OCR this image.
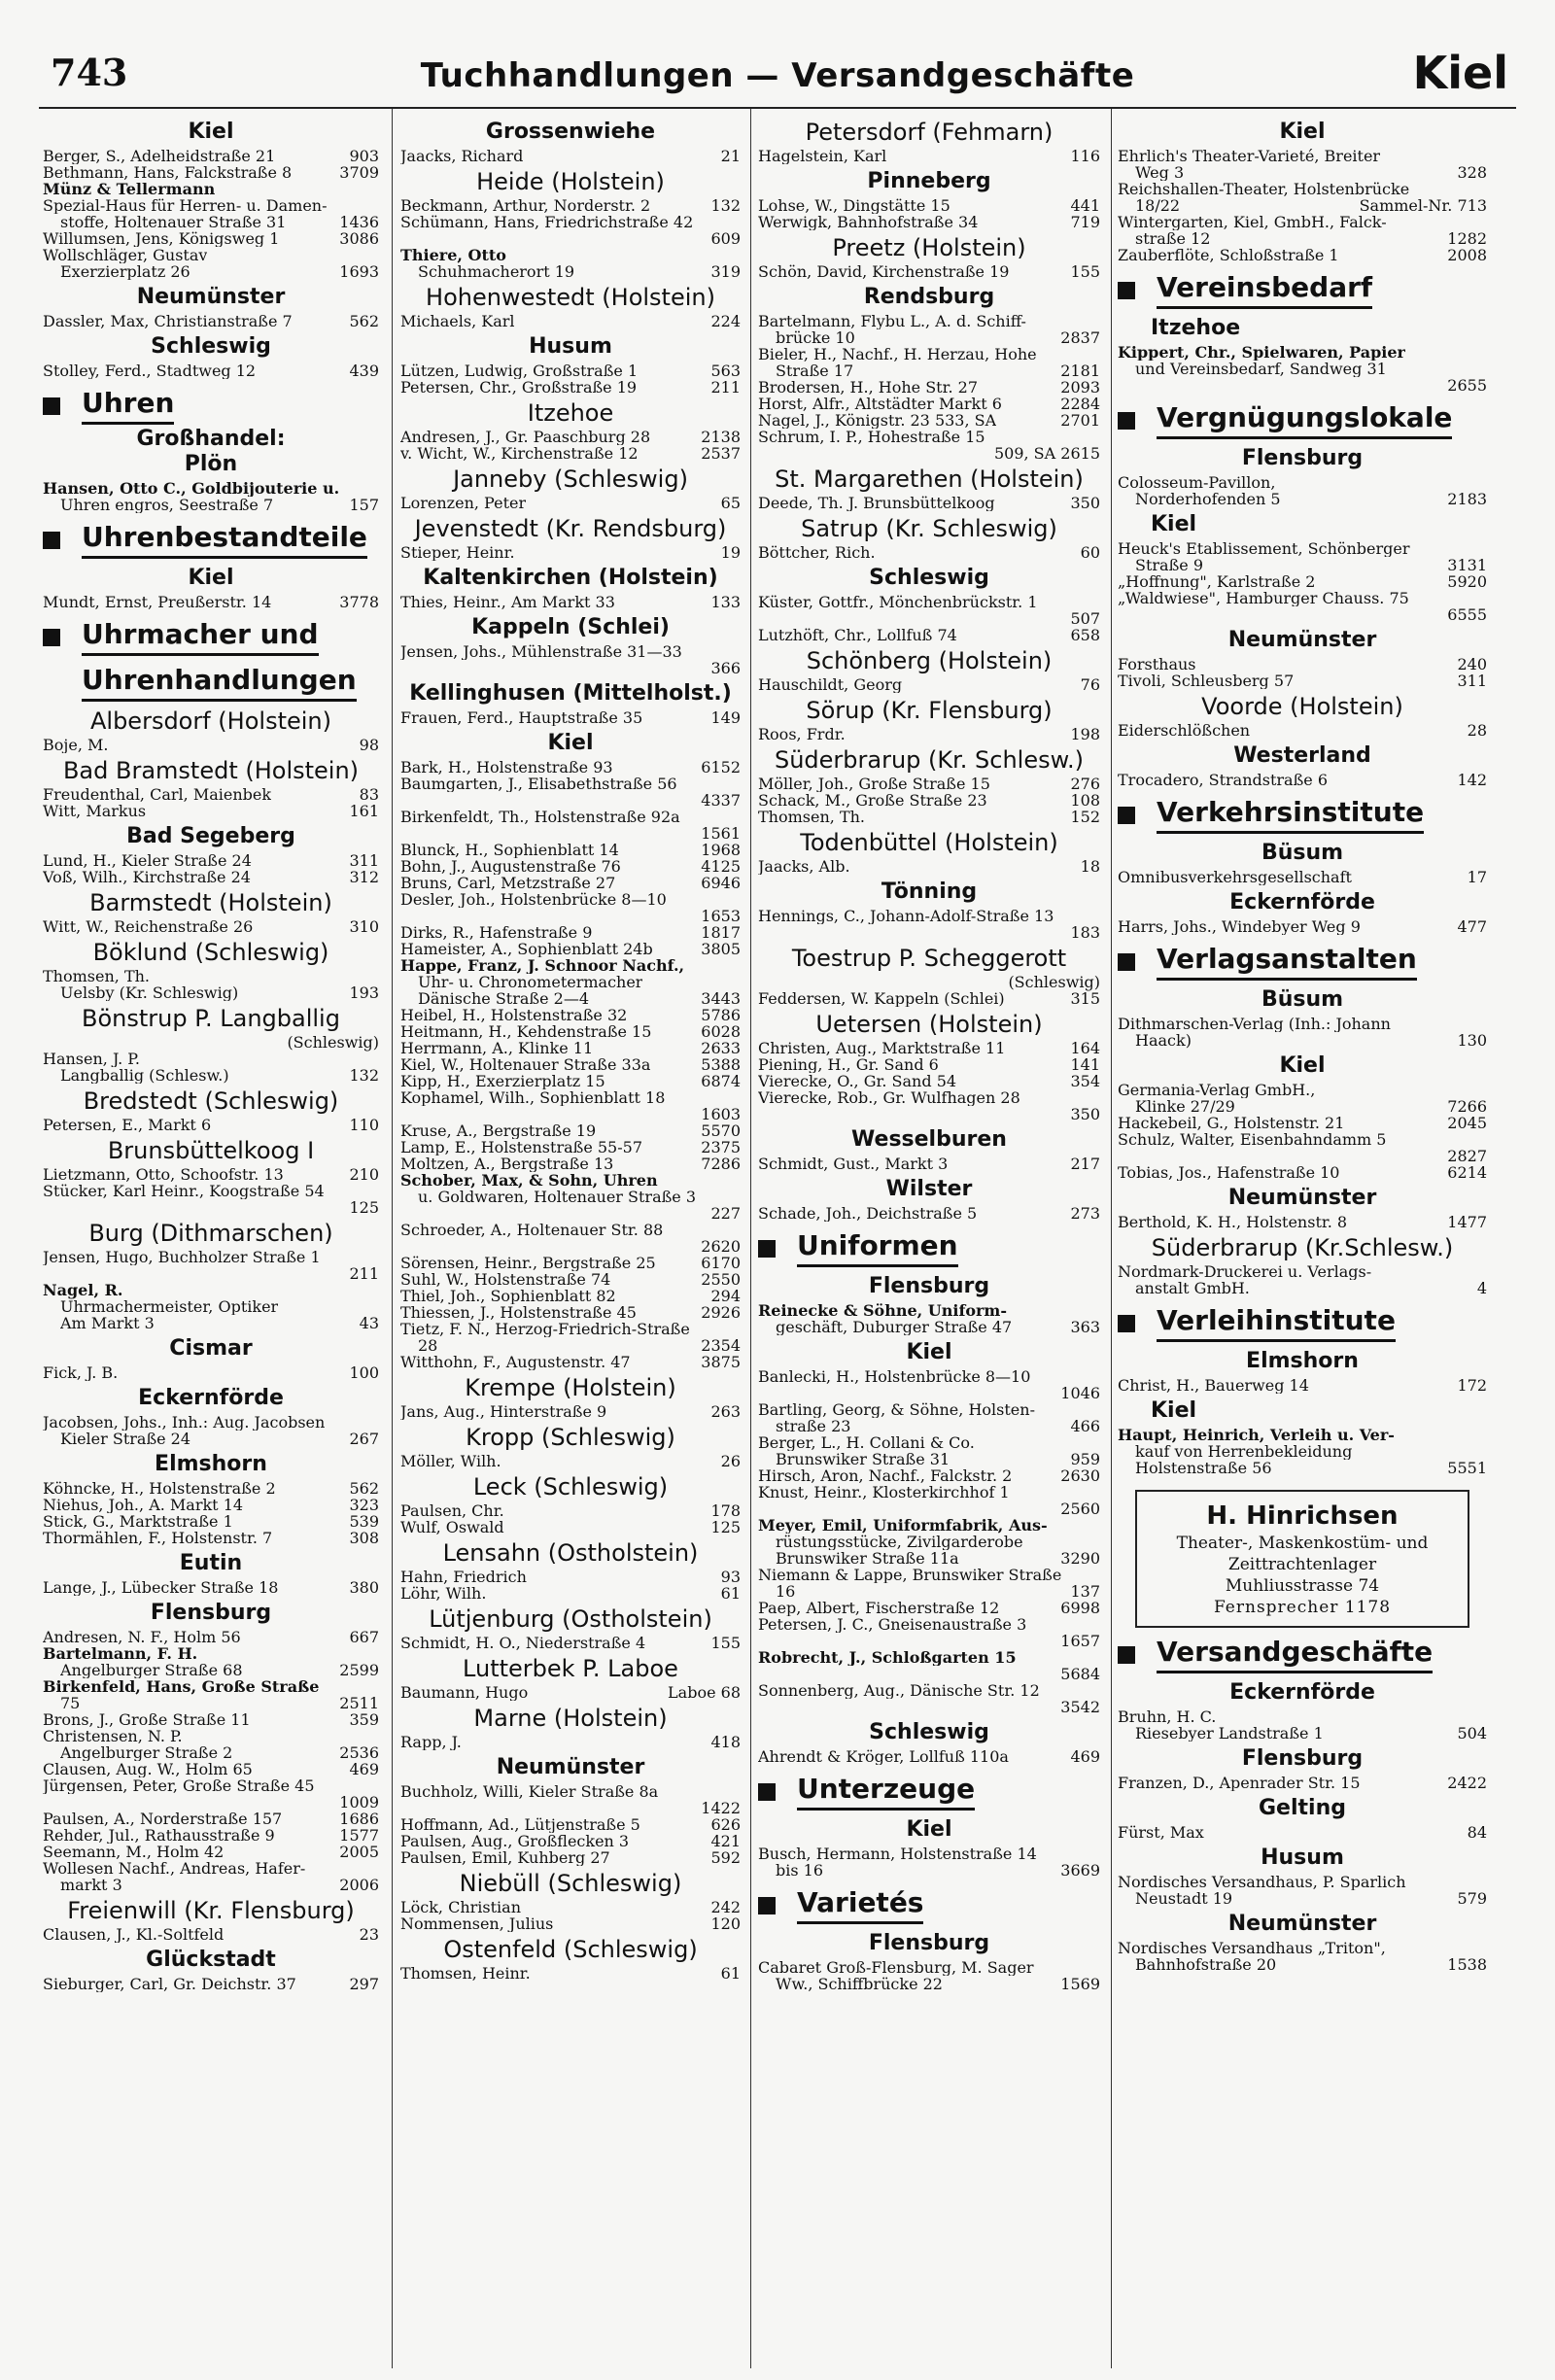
743	Tuchhandlungen — Versandgeschäfte	Kiel
Kiel
Berger, S., Adelheidstraße 21	903
Bethmann, Hans, Falckstraße 8	3709
Münz & Tellermann
Spezial-Haus für Herren- u. Damen-
stoffe, Holtenauer Straße 31	1436
Willumsen, Jens, Königsweg 1	3086
Wollschläger, Gustav
Exerzierplatz 26	1693
Neumünster
Dassler, Max, Christianstraße 7	562
Schleswig
Stolley, Ferd., Stadtweg 12	439
Uhren
Großhandel:
Plön
Hansen, Otto C., Goldbijouterie u.
Uhren engros, Seestraße 7	157
Uhrenbestandteile
Kiel
Mundt, Ernst, Preußerstr. 14	3778
Uhrmacher und
Uhrenhandlungen
Albersdorf (Holstein)
Boje, M.	98
Bad Bramstedt (Holstein)
Freudenthal, Carl, Maienbek	83
Witt, Markus	161
Bad Segeberg
Lund, H., Kieler Straße 24	311
Voß, Wilh., Kirchstraße 24	312
Barmstedt (Holstein)
Witt, W., Reichenstraße 26	310
Böklund (Schleswig)
Thomsen, Th.
Uelsby (Kr. Schleswig)	193
Bönstrup P. Langballig
(Schleswig)
Hansen, J. P.
Langballig (Schlesw.)	132
Bredstedt (Schleswig)
Petersen, E., Markt 6	110
Brunsbüttelkoog I
Lietzmann, Otto, Schoofstr. 13	210
Stücker, Karl Heinr., Koogstraße 54
125
Burg (Dithmarschen)
Jensen, Hugo, Buchholzer Straße 1
211
Nagel, R.
Uhrmachermeister, Optiker
Am Markt 3	43
Cismar
Fick, J. B.	100
Eckernförde
Jacobsen, Johs., Inh.: Aug. Jacobsen
Kieler Straße 24	267
Elmshorn
Köhncke, H., Holstenstraße 2	562
Niehus, Joh., A. Markt 14	323
Stick, G., Marktstraße 1	539
Thormählen, F., Holstenstr. 7	308
Eutin
Lange, J., Lübecker Straße 18	380
Flensburg
Andresen, N. F., Holm 56	667
Bartelmann, F. H.
Angelburger Straße 68	2599
Birkenfeld, Hans, Große Straße
75	2511
Brons, J., Große Straße 11	359
Christensen, N. P.
Angelburger Straße 2	2536
Clausen, Aug. W., Holm 65	469
Jürgensen, Peter, Große Straße 45
1009
Paulsen, A., Norderstraße 157	1686
Rehder, Jul., Rathausstraße 9	1577
Seemann, M., Holm 42	2005
Wollesen Nachf., Andreas, Hafer-
markt 3	2006
Freienwill (Kr. Flensburg)
Clausen, J., Kl.-Soltfeld	23
Glückstadt
Sieburger, Carl, Gr. Deichstr. 37	297
Grossenwiehe
Jaacks, Richard	21
Heide (Holstein)
Beckmann, Arthur, Norderstr. 2	132
Schümann, Hans, Friedrichstraße 42
609
Thiere, Otto
Schuhmacherort 19	319
Hohenwestedt (Holstein)
Michaels, Karl	224
Husum
Lützen, Ludwig, Großstraße 1	563
Petersen, Chr., Großstraße 19	211
Itzehoe
Andresen, J., Gr. Paaschburg 28	2138
v. Wicht, W., Kirchenstraße 12	2537
Janneby (Schleswig)
Lorenzen, Peter	65
Jevenstedt (Kr. Rendsburg)
Stieper, Heinr.	19
Kaltenkirchen (Holstein)
Thies, Heinr., Am Markt 33	133
Kappeln (Schlei)
Jensen, Johs., Mühlenstraße 31—33
366
Kellinghusen (Mittelholst.)
Frauen, Ferd., Hauptstraße 35	149
Kiel
Bark, H., Holstenstraße 93	6152
Baumgarten, J., Elisabethstraße 56
4337
Birkenfeldt, Th., Holstenstraße 92a
1561
Blunck, H., Sophienblatt 14	1968
Bohn, J., Augustenstraße 76	4125
Bruns, Carl, Metzstraße 27	6946
Desler, Joh., Holstenbrücke 8—10
1653
Dirks, R., Hafenstraße 9	1817
Hameister, A., Sophienblatt 24b	3805
Happe, Franz, J. Schnoor Nachf.,
Uhr- u. Chronometermacher
Dänische Straße 2—4	3443
Heibel, H., Holstenstraße 32	5786
Heitmann, H., Kehdenstraße 15	6028
Herrmann, A., Klinke 11	2633
Kiel, W., Holtenauer Straße 33a	5388
Kipp, H., Exerzierplatz 15	6874
Kophamel, Wilh., Sophienblatt 18
1603
Kruse, A., Bergstraße 19	5570
Lamp, E., Holstenstraße 55-57	2375
Moltzen, A., Bergstraße 13	7286
Schober, Max, & Sohn, Uhren
u. Goldwaren, Holtenauer Straße 3
227
Schroeder, A., Holtenauer Str. 88
2620
Sörensen, Heinr., Bergstraße 25	6170
Suhl, W., Holstenstraße 74	2550
Thiel, Joh., Sophienblatt 82	294
Thiessen, J., Holstenstraße 45	2926
Tietz, F. N., Herzog-Friedrich-Straße
28	2354
Witthohn, F., Augustenstr. 47	3875
Krempe (Holstein)
Jans, Aug., Hinterstraße 9	263
Kropp (Schleswig)
Möller, Wilh.	26
Leck (Schleswig)
Paulsen, Chr.	178
Wulf, Oswald	125
Lensahn (Ostholstein)
Hahn, Friedrich	93
Löhr, Wilh.	61
Lütjenburg (Ostholstein)
Schmidt, H. O., Niederstraße 4	155
Lutterbek P. Laboe
Baumann, Hugo	Laboe 68
Marne (Holstein)
Rapp, J.	418
Neumünster
Buchholz, Willi, Kieler Straße 8a
1422
Hoffmann, Ad., Lütjenstraße 5	626
Paulsen, Aug., Großflecken 3	421
Paulsen, Emil, Kuhberg 27	592
Niebüll (Schleswig)
Löck, Christian	242
Nommensen, Julius	120
Ostenfeld (Schleswig)
Thomsen, Heinr.	61
Petersdorf (Fehmarn)
Hagelstein, Karl	116
Pinneberg
Lohse, W., Dingstätte 15	441
Werwigk, Bahnhofstraße 34	719
Preetz (Holstein)
Schön, David, Kirchenstraße 19	155
Rendsburg
Bartelmann, Flybu L., A. d. Schiff-
brücke 10	2837
Bieler, H., Nachf., H. Herzau, Hohe
Straße 17	2181
Brodersen, H., Hohe Str. 27	2093
Horst, Alfr., Altstädter Markt 6	2284
Nagel, J., Königstr. 23 533, SA	2701
Schrum, I. P., Hohestraße 15
509, SA 2615
St. Margarethen (Holstein)
Deede, Th. J. Brunsbüttelkoog	350
Satrup (Kr. Schleswig)
Böttcher, Rich.	60
Schleswig
Küster, Gottfr., Mönchenbrückstr. 1
507
Lutzhöft, Chr., Lollfuß 74	658
Schönberg (Holstein)
Hauschildt, Georg	76
Sörup (Kr. Flensburg)
Roos, Frdr.	198
Süderbrarup (Kr. Schlesw.)
Möller, Joh., Große Straße 15	276
Schack, M., Große Straße 23	108
Thomsen, Th.	152
Todenbüttel (Holstein)
Jaacks, Alb.	18
Tönning
Hennings, C., Johann-Adolf-Straße 13
183
Toestrup P. Scheggerott
(Schleswig)
Feddersen, W. Kappeln (Schlei)	315
Uetersen (Holstein)
Christen, Aug., Marktstraße 11	164
Piening, H., Gr. Sand 6	141
Vierecke, O., Gr. Sand 54	354
Vierecke, Rob., Gr. Wulfhagen 28
350
Wesselburen
Schmidt, Gust., Markt 3	217
Wilster
Schade, Joh., Deichstraße 5	273
Uniformen
Flensburg
Reinecke & Söhne, Uniform-
geschäft, Duburger Straße 47	363
Kiel
Banlecki, H., Holstenbrücke 8—10
1046
Bartling, Georg, & Söhne, Holsten-
straße 23	466
Berger, L., H. Collani & Co.
Brunswiker Straße 31	959
Hirsch, Aron, Nachf., Falckstr. 2	2630
Knust, Heinr., Klosterkirchhof 1
2560
Meyer, Emil, Uniformfabrik, Aus-
rüstungsstücke, Zivilgarderobe
Brunswiker Straße 11a	3290
Niemann & Lappe, Brunswiker Straße
16	137
Paep, Albert, Fischerstraße 12	6998
Petersen, J. C., Gneisenaustraße 3
1657
Robrecht, J., Schloßgarten 15
5684
Sonnenberg, Aug., Dänische Str. 12
3542
Schleswig
Ahrendt & Kröger, Lollfuß 110a	469
Unterzeuge
Kiel
Busch, Hermann, Holstenstraße 14
bis 16	3669
Varietés
Flensburg
Cabaret Groß-Flensburg, M. Sager
Ww., Schiffbrücke 22	1569
Kiel
Ehrlich's Theater-Varieté, Breiter
Weg 3	328
Reichshallen-Theater, Holstenbrücke
18/22	Sammel-Nr. 713
Wintergarten, Kiel, GmbH., Falck-
straße 12	1282
Zauberflöte, Schloßstraße 1	2008
Vereinsbedarf
Itzehoe
Kippert, Chr., Spielwaren, Papier
und Vereinsbedarf, Sandweg 31
2655
Vergnügungslokale
Flensburg
Colosseum-Pavillon,
Norderhofenden 5	2183
Kiel
Heuck's Etablissement, Schönberger
Straße 9	3131
„Hoffnung", Karlstraße 2	5920
„Waldwiese", Hamburger Chauss. 75
6555
Neumünster
Forsthaus	240
Tivoli, Schleusberg 57	311
Voorde (Holstein)
Eiderschlößchen	28
Westerland
Trocadero, Strandstraße 6	142
Verkehrsinstitute
Büsum
Omnibusverkehrsgesellschaft	17
Eckernförde
Harrs, Johs., Windebyer Weg 9	477
Verlagsanstalten
Büsum
Dithmarschen-Verlag (Inh.: Johann
Haack)	130
Kiel
Germania-Verlag GmbH.,
Klinke 27/29	7266
Hackebeil, G., Holstenstr. 21	2045
Schulz, Walter, Eisenbahndamm 5
2827
Tobias, Jos., Hafenstraße 10	6214
Neumünster
Berthold, K. H., Holstenstr. 8	1477
Süderbrarup (Kr.Schlesw.)
Nordmark-Druckerei u. Verlags-
anstalt GmbH.	4
Verleihinstitute
Elmshorn
Christ, H., Bauerweg 14	172
Kiel
Haupt, Heinrich, Verleih u. Ver-
kauf von Herrenbekleidung
Holstenstraße 56	5551
H. Hinrichsen
Theater-, Maskenkostüm- und
Zeittrachtenlager
Muhliusstrasse 74
Fernsprecher 1178
Versandgeschäfte
Eckernförde
Bruhn, H. C.
Riesebyer Landstraße 1	504
Flensburg
Franzen, D., Apenrader Str. 15	2422
Gelting
Fürst, Max	84
Husum
Nordisches Versandhaus, P. Sparlich
Neustadt 19	579
Neumünster
Nordisches Versandhaus „Triton",
Bahnhofstraße 20	1538
